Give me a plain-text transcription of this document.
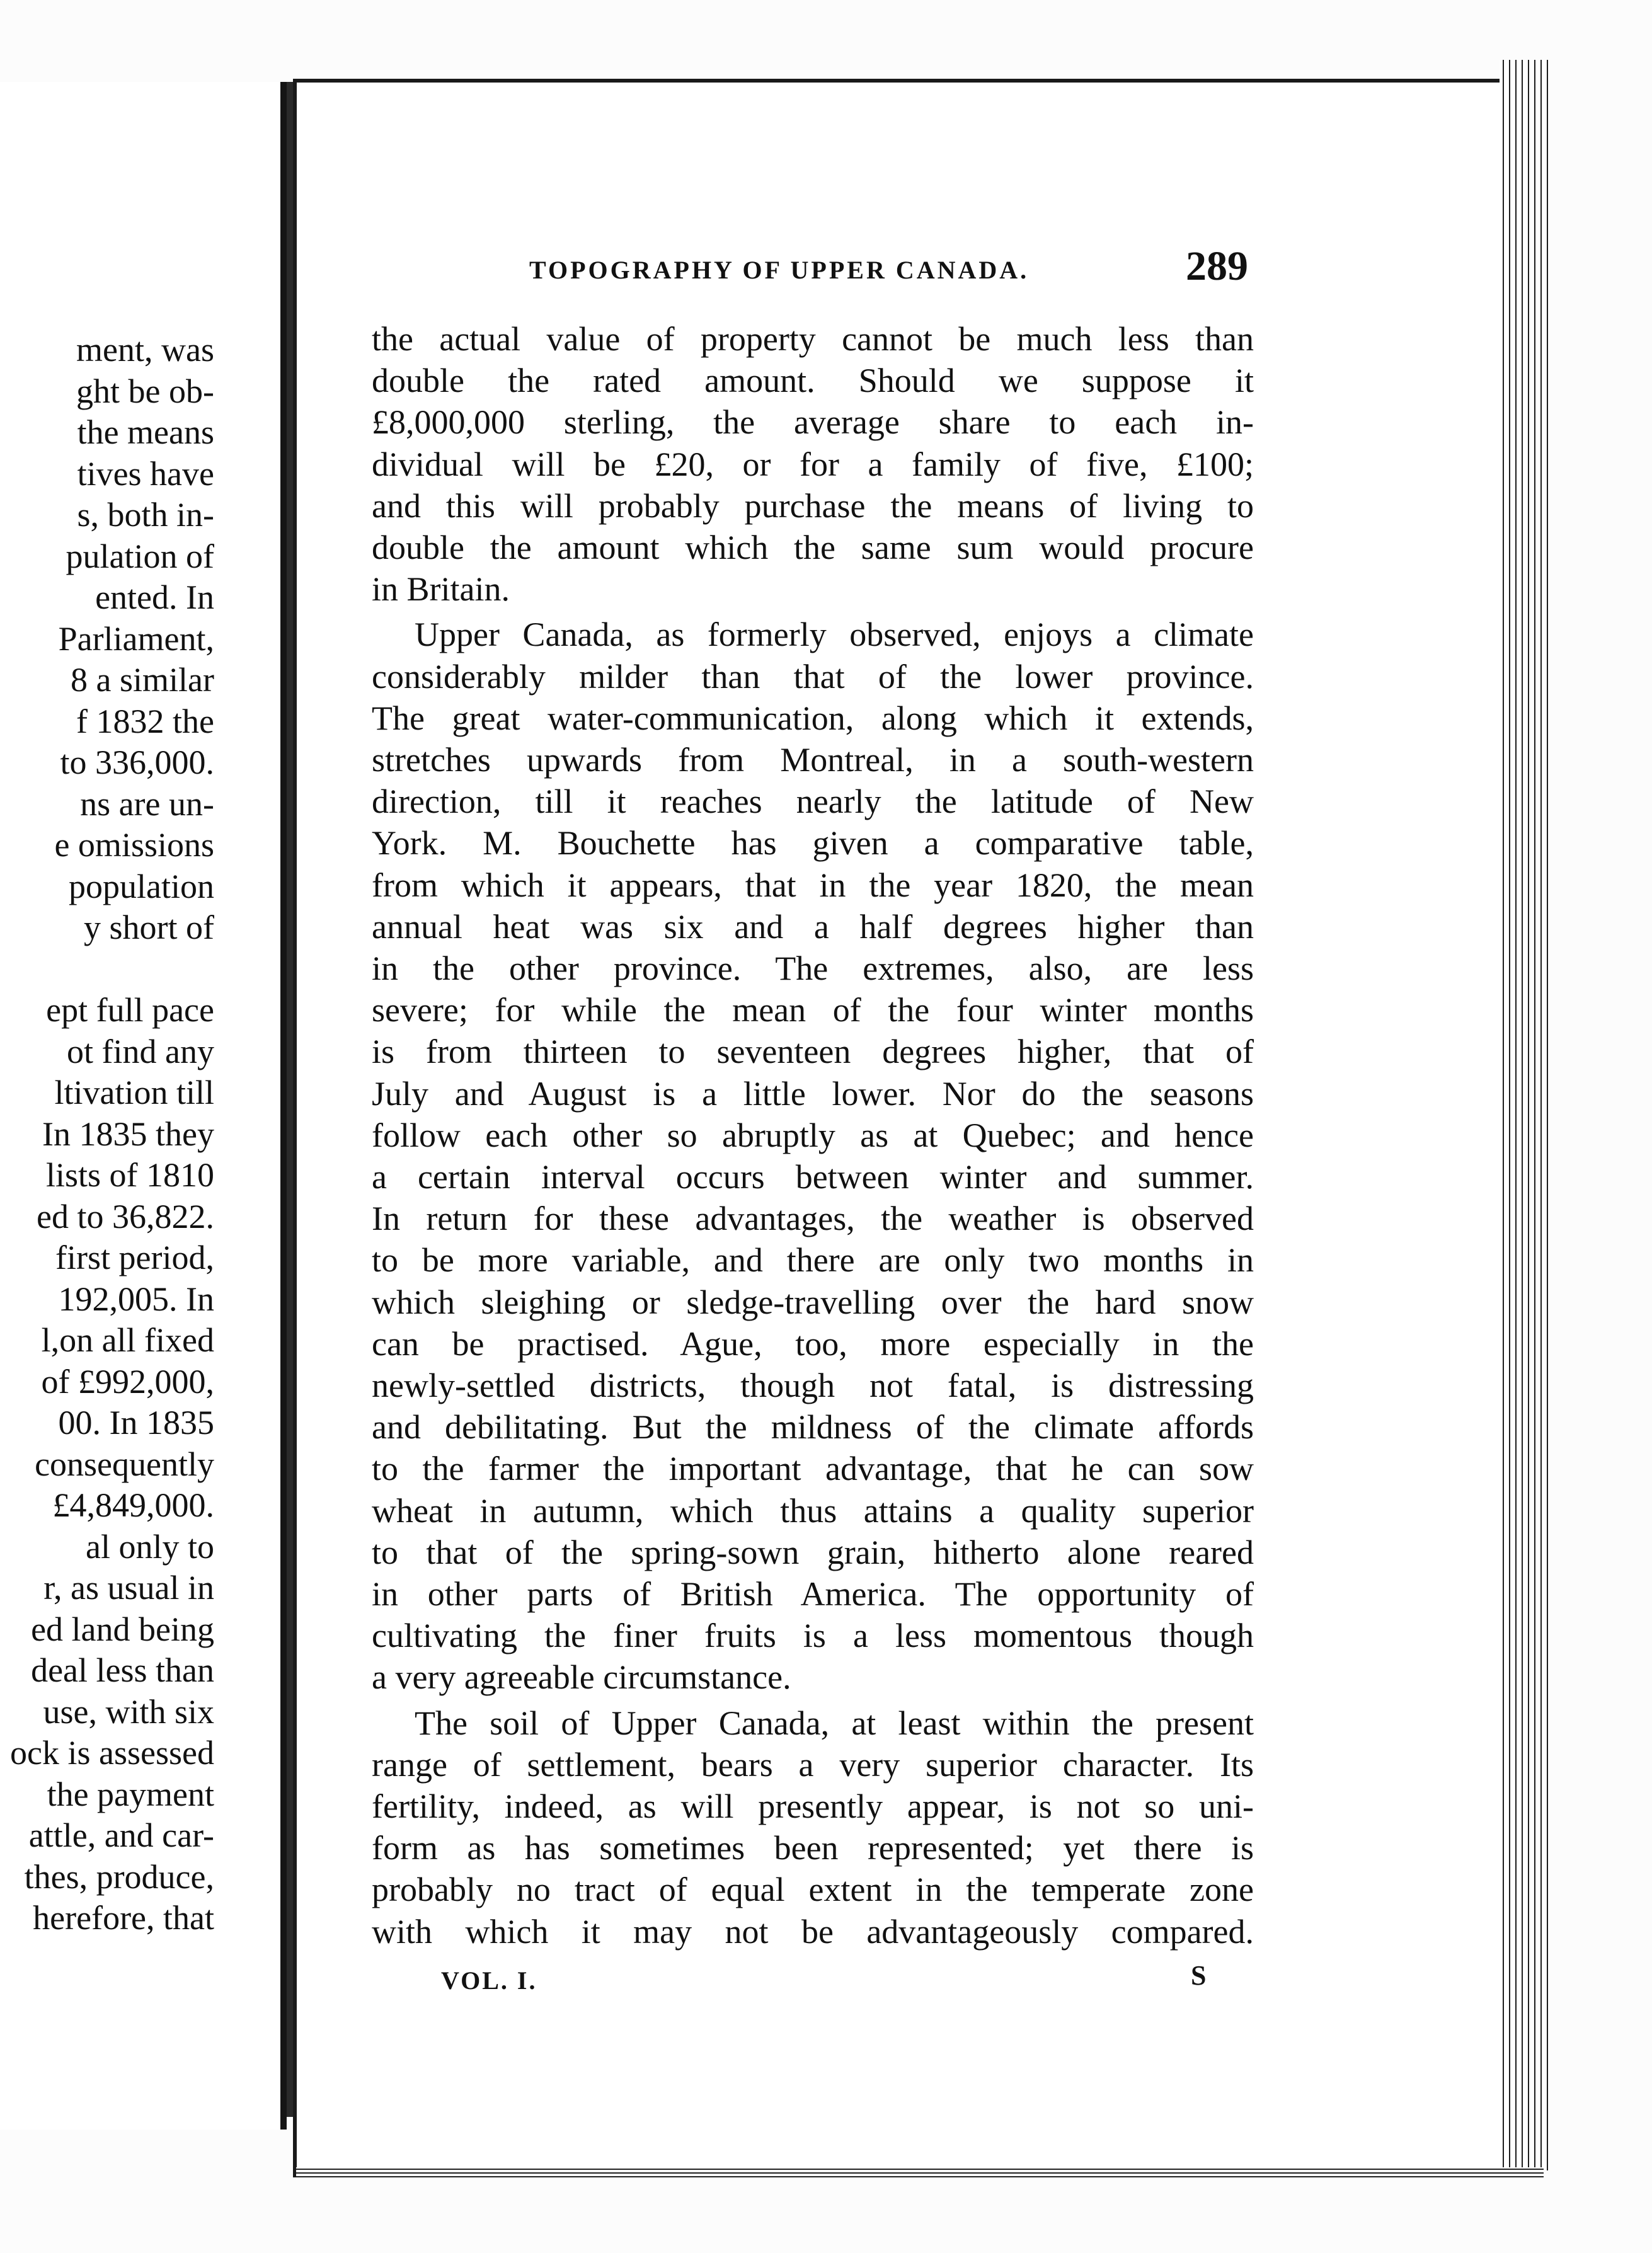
ment, was
ght be ob-
the means
tives have
s, both in-
pulation of
ented. In
Parliament,
8 a similar
f 1832 the
to 336,000.
ns are un-
e omissions
population
y short of
ept full pace
ot find any
ltivation till
In 1835 they
lists of 1810
ed to 36,822.
first period,
192,005. In
l,on all fixed
of £992,000,
00. In 1835
consequently
£4,849,000.
al only to
r, as usual in
ed land being
deal less than
use, with six
ock is assessed
the payment
attle, and car-
thes, produce,
herefore, that
TOPOGRAPHY OF UPPER CANADA.	289
the actual value of property cannot be much less than
double the rated amount. Should we suppose it
£8,000,000 sterling, the average share to each in-
dividual will be £20, or for a family of five, £100;
and this will probably purchase the means of living to
double the amount which the same sum would procure
in Britain.
Upper Canada, as formerly observed, enjoys a climate
considerably milder than that of the lower province.
The great water-communication, along which it extends,
stretches upwards from Montreal, in a south-western
direction, till it reaches nearly the latitude of New
York. M. Bouchette has given a comparative table,
from which it appears, that in the year 1820, the mean
annual heat was six and a half degrees higher than
in the other province. The extremes, also, are less
severe; for while the mean of the four winter months
is from thirteen to seventeen degrees higher, that of
July and August is a little lower. Nor do the seasons
follow each other so abruptly as at Quebec; and hence
a certain interval occurs between winter and summer.
In return for these advantages, the weather is observed
to be more variable, and there are only two months in
which sleighing or sledge-travelling over the hard snow
can be practised. Ague, too, more especially in the
newly-settled districts, though not fatal, is distressing
and debilitating. But the mildness of the climate affords
to the farmer the important advantage, that he can sow
wheat in autumn, which thus attains a quality superior
to that of the spring-sown grain, hitherto alone reared
in other parts of British America. The opportunity of
cultivating the finer fruits is a less momentous though
a very agreeable circumstance.
The soil of Upper Canada, at least within the present
range of settlement, bears a very superior character. Its
fertility, indeed, as will presently appear, is not so uni-
form as has sometimes been represented; yet there is
probably no tract of equal extent in the temperate zone
with which it may not be advantageously compared.
VOL. I.	S
